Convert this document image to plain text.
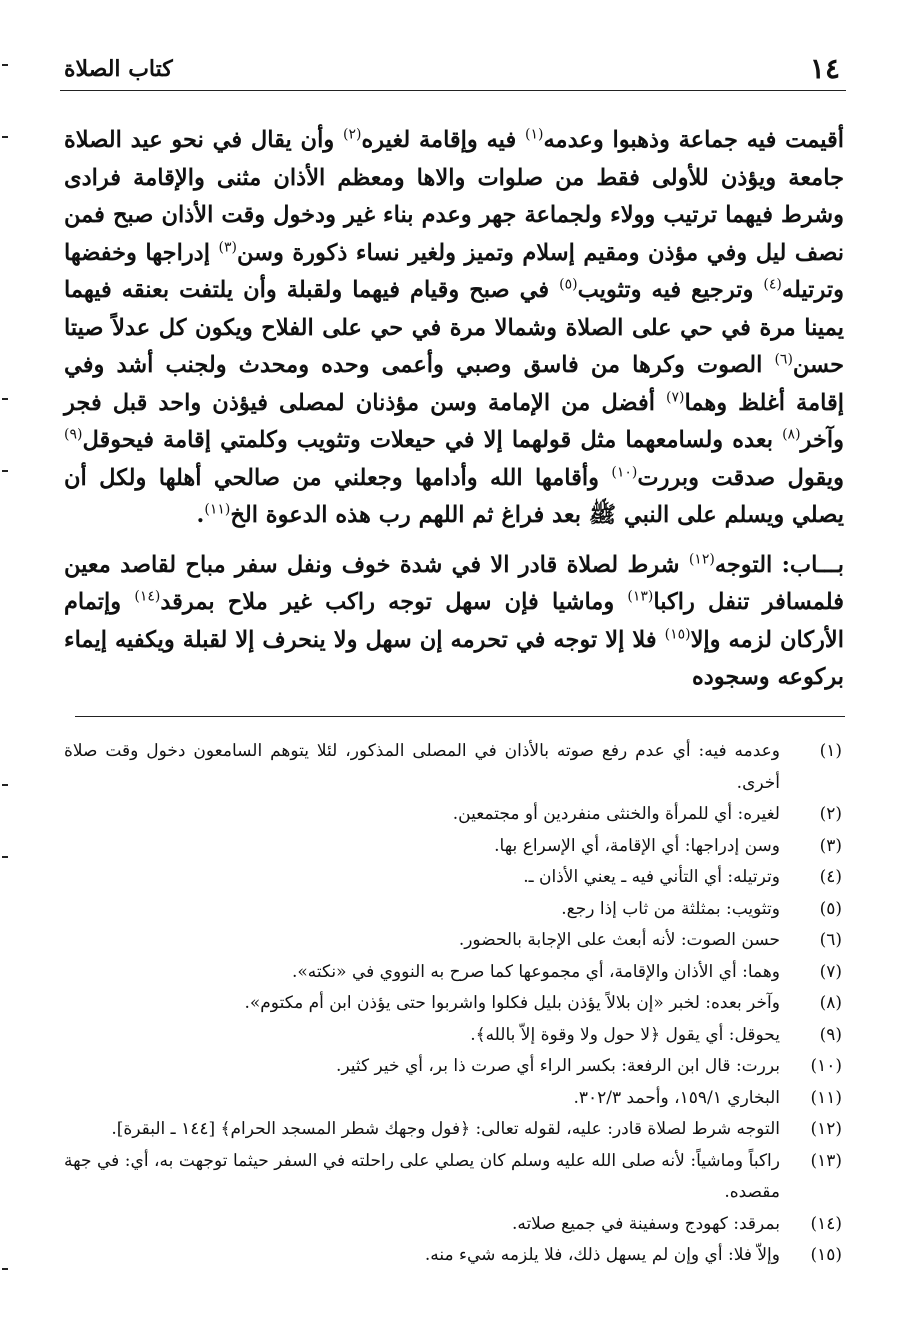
١٤
كتاب الصلاة

أقيمت فيه جماعة وذهبوا وعدمه$^{(١)}$ فيه وإقامة لغيره$^{(٢)}$ وأن يقال في نحو عيد الصلاة جامعة ويؤذن للأولى فقط من صلوات والاها ومعظم الأذان مثنى والإقامة فرادى وشرط فيهما ترتيب وولاء ولجماعة جهر وعدم بناء غير ودخول وقت الأذان صبح فمن نصف ليل وفي مؤذن ومقيم إسلام وتميز ولغير نساء ذكورة وسن$^{(٣)}$ إدراجها وخفضها وترتيله$^{(٤)}$ وترجيع فيه وتثويب$^{(٥)}$ في صبح وقيام فيهما ولقبلة وأن يلتفت بعنقه فيهما يمينا مرة في حي على الصلاة وشمالا مرة في حي على الفلاح ويكون كل عدلاً صيتا حسن$^{(٦)}$ الصوت وكرها من فاسق وصبي وأعمى وحده ومحدث ولجنب أشد وفي إقامة أغلظ وهما$^{(٧)}$ أفضل من الإمامة وسن مؤذنان لمصلى فيؤذن واحد قبل فجر وآخر$^{(٨)}$ بعده ولسامعهما مثل قولهما إلا في حيعلات وتثويب وكلمتي إقامة فيحوقل$^{(٩)}$ ويقول صدقت وبررت$^{(١٠)}$ وأقامها الله وأدامها وجعلني من صالحي أهلها ولكل أن يصلي ويسلم على النبي ﷺ بعد فراغ ثم اللهم رب هذه الدعوة الخ$^{(١١)}$.

بـــاب: التوجه$^{(١٢)}$ شرط لصلاة قادر الا في شدة خوف ونفل سفر مباح لقاصد معين فلمسافر تنفل راكبا$^{(١٣)}$ وماشيا فإن سهل توجه راكب غير ملاح بمرقد$^{(١٤)}$ وإتمام الأركان لزمه وإلا$^{(١٥)}$ فلا إلا توجه في تحرمه إن سهل ولا ينحرف إلا لقبلة ويكفيه إيماء بركوعه وسجوده

(١)
وعدمه فيه: أي عدم رفع صوته بالأذان في المصلى المذكور، لئلا يتوهم السامعون دخول وقت صلاة أخرى.
(٢)
لغيره: أي للمرأة والخنثى منفردين أو مجتمعين.
(٣)
وسن إدراجها: أي الإقامة، أي الإسراع بها.
(٤)
وترتيله: أي التأني فيه ـ يعني الأذان ـ.
(٥)
وتثويب: بمثلثة من ثاب إذا رجع.
(٦)
حسن الصوت: لأنه أبعث على الإجابة بالحضور.
(٧)
وهما: أي الأذان والإقامة، أي مجموعها كما صرح به النووي في «نكته».
(٨)
وآخر بعده: لخبر «إن بلالاً يؤذن بليل فكلوا واشربوا حتى يؤذن ابن أم مكتوم».
(٩)
يحوقل: أي يقول ﴿لا حول ولا وقوة إلاّ بالله﴾.
(١٠)
بررت: قال ابن الرفعة: بكسر الراء أي صرت ذا بر، أي خير كثير.
(١١)
البخاري ١٥٩/١، وأحمد ٣٠٢/٣.
(١٢)
التوجه شرط لصلاة قادر: عليه، لقوله تعالى: ﴿فول وجهك شطر المسجد الحرام﴾ [١٤٤ ـ البقرة].
(١٣)
راكباً وماشياً: لأنه صلى الله عليه وسلم كان يصلي على راحلته في السفر حيثما توجهت به، أي: في جهة مقصده.
(١٤)
بمرقد: كهودج وسفينة في جميع صلاته.
(١٥)
وإلاّ فلا: أي وإن لم يسهل ذلك، فلا يلزمه شيء منه.
